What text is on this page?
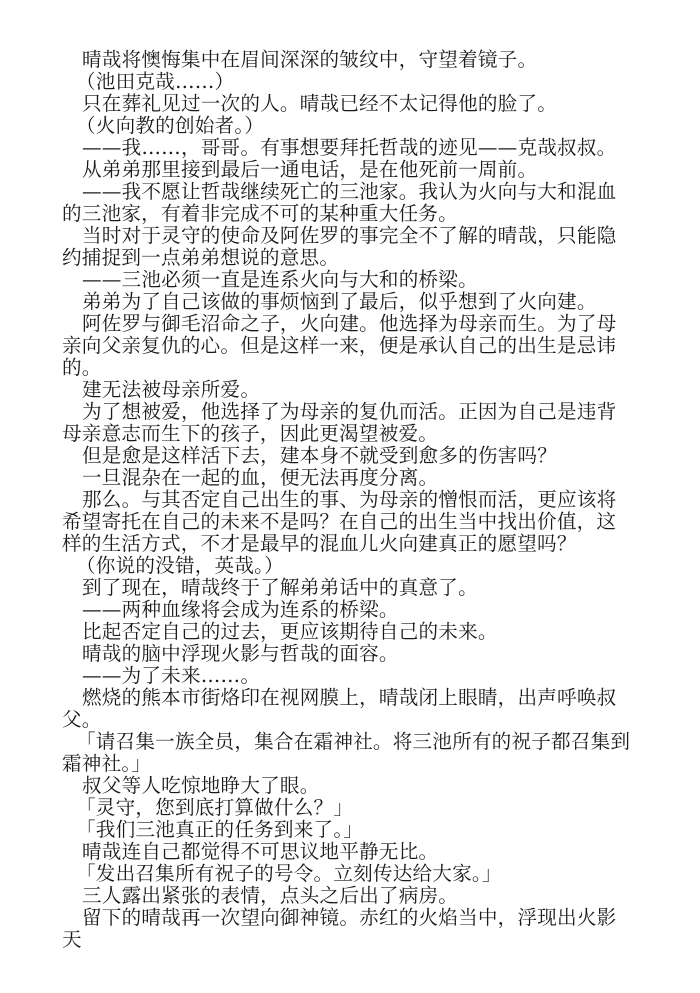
晴哉将懊悔集中在眉间深深的皱纹中，守望着镜子。

（池田克哉……）

只在葬礼见过一次的人。晴哉已经不太记得他的脸了。

（火向教的创始者。）

——我……，哥哥。有事想要拜托哲哉的迹见——克哉叔叔。

从弟弟那里接到最后一通电话，是在他死前一周前。

——我不愿让哲哉继续死亡的三池家。我认为火向与大和混血的三池家，有着非完成不可的某种重大任务。

当时对于灵守的使命及阿佐罗的事完全不了解的晴哉，只能隐约捕捉到一点弟弟想说的意思。

——三池必须一直是连系火向与大和的桥梁。

弟弟为了自己该做的事烦恼到了最后，似乎想到了火向建。

阿佐罗与御毛沼命之子，火向建。他选择为母亲而生。为了母亲向父亲复仇的心。但是这样一来，便是承认自己的出生是忌讳的。

建无法被母亲所爱。

为了想被爱，他选择了为母亲的复仇而活。正因为自己是违背母亲意志而生下的孩子，因此更渴望被爱。

但是愈是这样活下去，建本身不就受到愈多的伤害吗？

一旦混杂在一起的血，便无法再度分离。

那么。与其否定自己出生的事、为母亲的憎恨而活，更应该将希望寄托在自己的未来不是吗？在自己的出生当中找出价值，这样的生活方式，不才是最早的混血儿火向建真正的愿望吗？

（你说的没错，英哉。）

到了现在，晴哉终于了解弟弟话中的真意了。

——两种血缘将会成为连系的桥梁。

比起否定自己的过去，更应该期待自己的未来。

晴哉的脑中浮现火影与哲哉的面容。

——为了未来……。

燃烧的熊本市街烙印在视网膜上，晴哉闭上眼睛，出声呼唤叔父。

「请召集一族全员，集合在霜神社。将三池所有的祝子都召集到霜神社。」

叔父等人吃惊地睁大了眼。

「灵守，您到底打算做什么？」

「我们三池真正的任务到来了。」

晴哉连自己都觉得不可思议地平静无比。

「发出召集所有祝子的号令。立刻传达给大家。」

三人露出紧张的表情，点头之后出了病房。

留下的晴哉再一次望向御神镜。赤红的火焰当中，浮现出火影天
